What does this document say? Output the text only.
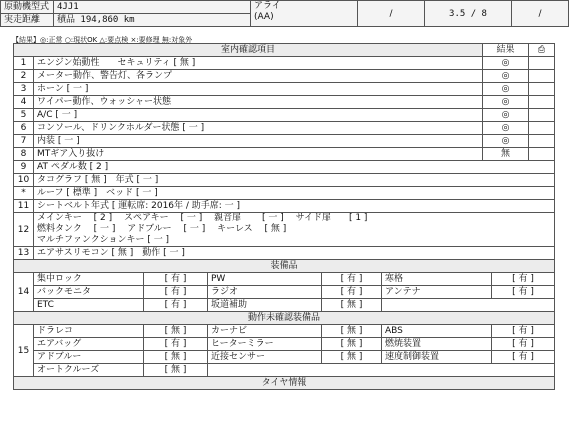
原動機型式	4JJ1	アライ
(AA)	/	3.5 / 8	/
実走距離	積品 194,860 km				
【結果】◎:正常 ○:現状OK △:要点検 ×:要修理 無:対象外
室内確認項目		結果	⎙
1	エンジン始動性　　セキュリティ [ 無 ]	◎	
2	メーター動作、警告灯、各ランプ	◎	
3	ホーン [ 一 ]	◎	
4	ワイパー動作、ウォッシャー状態	◎	
5	A/C [ 一 ]	◎	
6	コンソール、ドリンクホルダー状態 [ 一 ]	◎	
7	内装 [ 一 ]	◎	
8	MTギア入り抜け	無	
9	AT ペダル数 [ 2 ]		
10	タコグラフ [ 無 ]　年式 [ 一 ]		
*	ルーフ [ 標準 ]　ベッド [ 一 ]		
11	シートベルト年式 [ 運転席: 2016年 / 助手席: 一 ]		
12	メインキー　 [ 2 ]　 スペアキー　 [ 一 ]　 親音扉　　 [ 一 ]　 サイド扉　　[ 1 ]
燃料タンク　 [ 一 ]　 アドブルー　 [ 一 ]　 キーレス　 [ 無 ]
マルチファンクションキー [ 一 ]		

13	エアサスリモコン [ 無 ]　動作 [ 一 ]		
装備品			
14	集中ロック	[ 有 ]	PW	[ 有 ]	寒格	[ 有 ]
	バックモニタ	[ 有 ]	ラジオ	[ 有 ]	アンテナ	[ 有 ]
	ETC	[ 有 ]	坂道補助	[ 無 ]		
動作未確認装備品						
15	ドラレコ	[ 無 ]	カーナビ	[ 無 ]	ABS	[ 有 ]
	エアバッグ	[ 有 ]	ヒーターミラー	[ 無 ]	燃焼装置	[ 有 ]
	アドブルー	[ 無 ]	近接センサー	[ 無 ]	速度制御装置	[ 有 ]
	オートクルーズ	[ 無 ]				
タイヤ情報						
